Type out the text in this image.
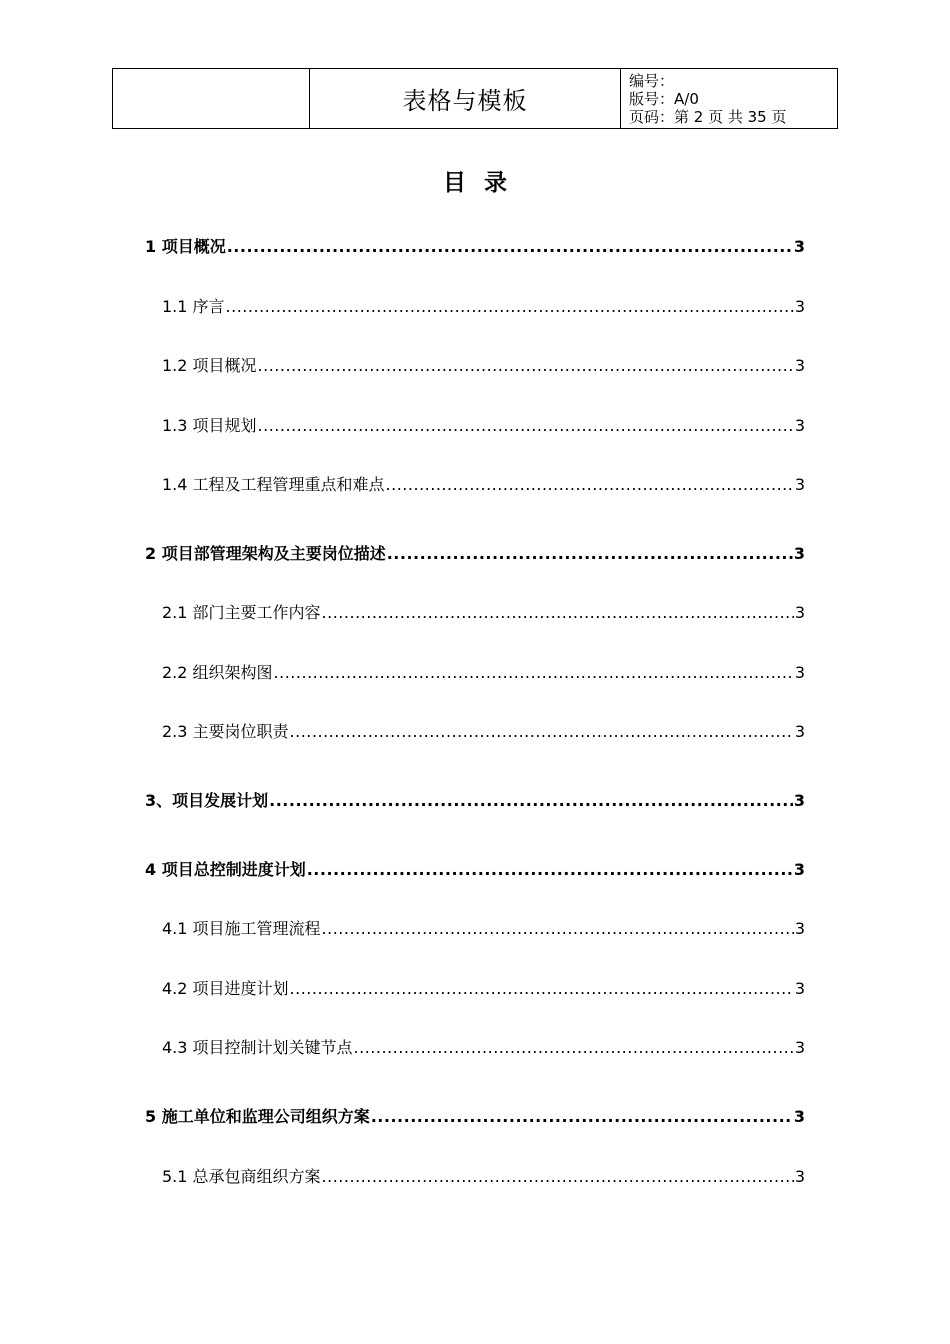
	表格与模板	
编号：
版号：A/0
页码：第 2 页 共 35 页
目录
1 项目概况 .....	3
1.1 序言 .....	3
1.2 项目概况 .....	3
1.3 项目规划 .....	3
1.4 工程及工程管理重点和难点 .....	3
2 项目部管理架构及主要岗位描述 .....	3
2.1 部门主要工作内容 .....	3
2.2 组织架构图 .....	3
2.3 主要岗位职责 .....	3
3、项目发展计划 .....	3
4 项目总控制进度计划 .....	3
4.1 项目施工管理流程 .....	3
4.2 项目进度计划 .....	3
4.3 项目控制计划关键节点 .....	3
5 施工单位和监理公司组织方案 .....	3
5.1 总承包商组织方案 .....	3
